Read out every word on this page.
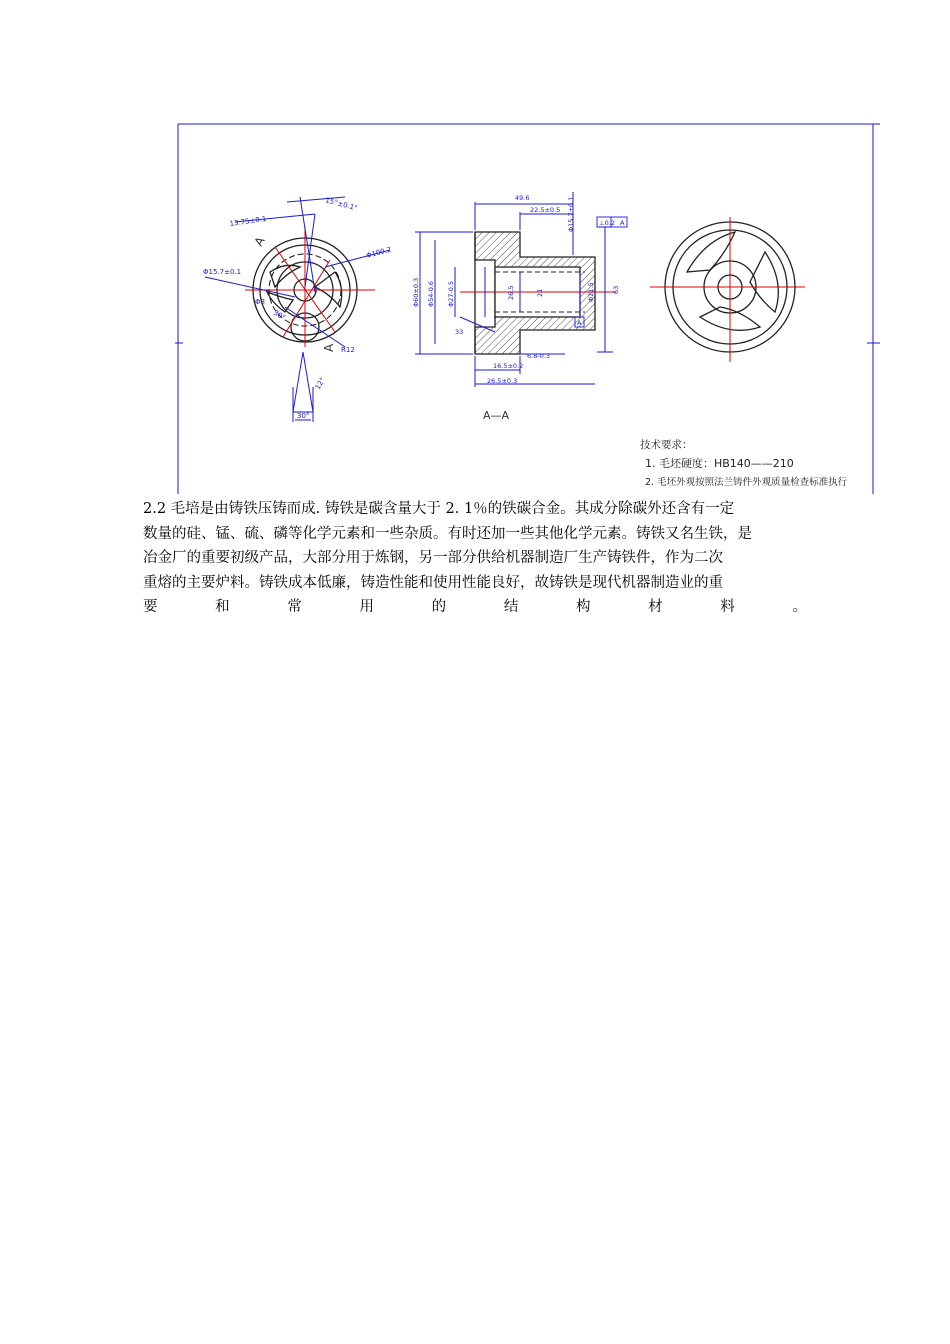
13.75±0.1
15°±0.1°
Φ15.7±0.1
Φ100.2
R12
Φ8
30°
12°
30°
A
A
49.6
22.5±0.5 Φ15.7±0.1
Φ60±0.3 Φ54-0.6 Φ27-0.5	26.5	21	Φ21.5	63
33
6.8-0.3
16.5±0.2
26.5±0.3
⊥0.2
A
A
A—A
技术要求：
1. 毛坯硬度：HB140——210
2. 毛坯外观按照法兰铸件外观质量检查标准执行
2.2 毛培是由铸铁压铸而成. 铸铁是碳含量大于 2. 1％的铁碳合金。其成分除碳外还含有一定
数量的硅、锰、硫、磷等化学元素和一些杂质。有时还加一些其他化学元素。铸铁又名生铁，是
冶金厂的重要初级产品，大部分用于炼钢，另一部分供给机器制造厂生产铸铁件，作为二次
重熔的主要炉料。铸铁成本低廉，铸造性能和使用性能良好，故铸铁是现代机器制造业的重
要 和 常 用 的 结 构 材 料 。
